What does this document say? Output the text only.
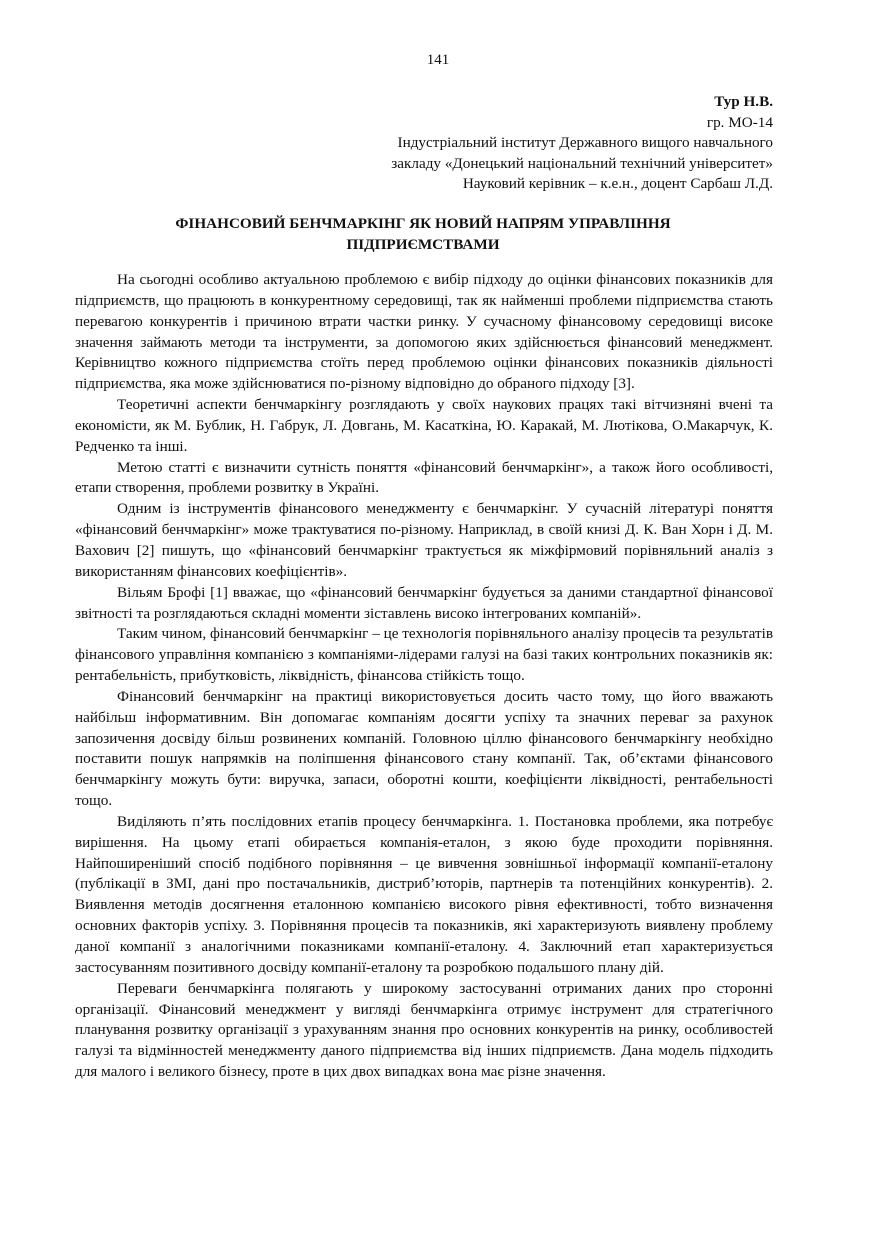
141
Тур Н.В.
гр. МО-14
Індустріальний інститут Державного вищого навчального
закладу «Донецький національний технічний університет»
Науковий керівник – к.е.н., доцент Сарбаш Л.Д.
ФІНАНСОВИЙ БЕНЧМАРКІНГ ЯК НОВИЙ НАПРЯМ УПРАВЛІННЯ
ПІДПРИЄМСТВАМИ

На сьогодні особливо актуальною проблемою є вибір підходу до оцінки фінансових показників для підприємств, що працюють в конкурентному середовищі, так як найменші проблеми підприємства стають перевагою конкурентів і причиною втрати частки ринку. У сучасному фінансовому середовищі високе значення займають методи та інструменти, за допомогою яких здійснюється фінансовий менеджмент. Керівництво кожного підприємства стоїть перед проблемою оцінки фінансових показників діяльності підприємства, яка може здійснюватися по-різному відповідно до обраного підходу [3].

Теоретичні аспекти бенчмаркінгу розглядають у своїх наукових працях такі вітчизняні вчені та економісти, як М. Бублик, Н. Габрук, Л. Довгань, М. Касаткіна, Ю. Каракай, М. Лютікова, О.Макарчук, К. Редченко та інші.

Метою статті є визначити сутність поняття «фінансовий бенчмаркінг», а також його особливості, етапи створення, проблеми розвитку в Україні.

Одним із інструментів фінансового менеджменту є бенчмаркінг. У сучасній літературі поняття «фінансовий бенчмаркінг» може трактуватися по-різному. Наприклад, в своїй книзі Д. К. Ван Хорн і Д. М. Вахович [2] пишуть, що «фінансовий бенчмаркінг трактується як міжфірмовий порівняльний аналіз з використанням фінансових коефіцієнтів».

Вільям Брофі [1] вважає, що «фінансовий бенчмаркінг будується за даними стандартної фінансової звітності та розглядаються складні моменти зіставлень високо інтегрованих компаній».

Таким чином, фінансовий бенчмаркінг – це технологія порівняльного аналізу процесів та результатів фінансового управління компанією з компаніями-лідерами галузі на базі таких контрольних показників як: рентабельність, прибутковість, ліквідність, фінансова стійкість тощо.

Фінансовий бенчмаркінг на практиці використовується досить часто тому, що його вважають найбільш інформативним. Він допомагає компаніям досягти успіху та значних переваг за рахунок запозичення досвіду більш розвинених компаній. Головною ціллю фінансового бенчмаркінгу необхідно поставити пошук напрямків на поліпшення фінансового стану компанії. Так, об’єктами фінансового бенчмаркінгу можуть бути: виручка, запаси, оборотні кошти, коефіцієнти ліквідності, рентабельності тощо.

Виділяють п’ять послідовних етапів процесу бенчмаркінга. 1. Постановка проблеми, яка потребує вирішення. На цьому етапі обирається компанія-еталон, з якою буде проходити порівняння. Найпоширеніший спосіб подібного порівняння – це вивчення зовнішньої інформації компанії-еталону (публікації в ЗМІ, дані про постачальників, дистриб’юторів, партнерів та потенційних конкурентів). 2. Виявлення методів досягнення еталонною компанією високого рівня ефективності, тобто визначення основних факторів успіху. 3. Порівняння процесів та показників, які характеризують виявлену проблему даної компанії з аналогічними показниками компанії-еталону. 4. Заключний етап характеризується застосуванням позитивного досвіду компанії-еталону та розробкою подальшого плану дій.

Переваги бенчмаркінга полягають у широкому застосуванні отриманих даних про сторонні організації. Фінансовий менеджмент у вигляді бенчмаркінга отримує інструмент для стратегічного планування розвитку організації з урахуванням знання про основних конкурентів на ринку, особливостей галузі та відмінностей менеджменту даного підприємства від інших підприємств. Дана модель підходить для малого і великого бізнесу, проте в цих двох випадках вона має різне значення.
